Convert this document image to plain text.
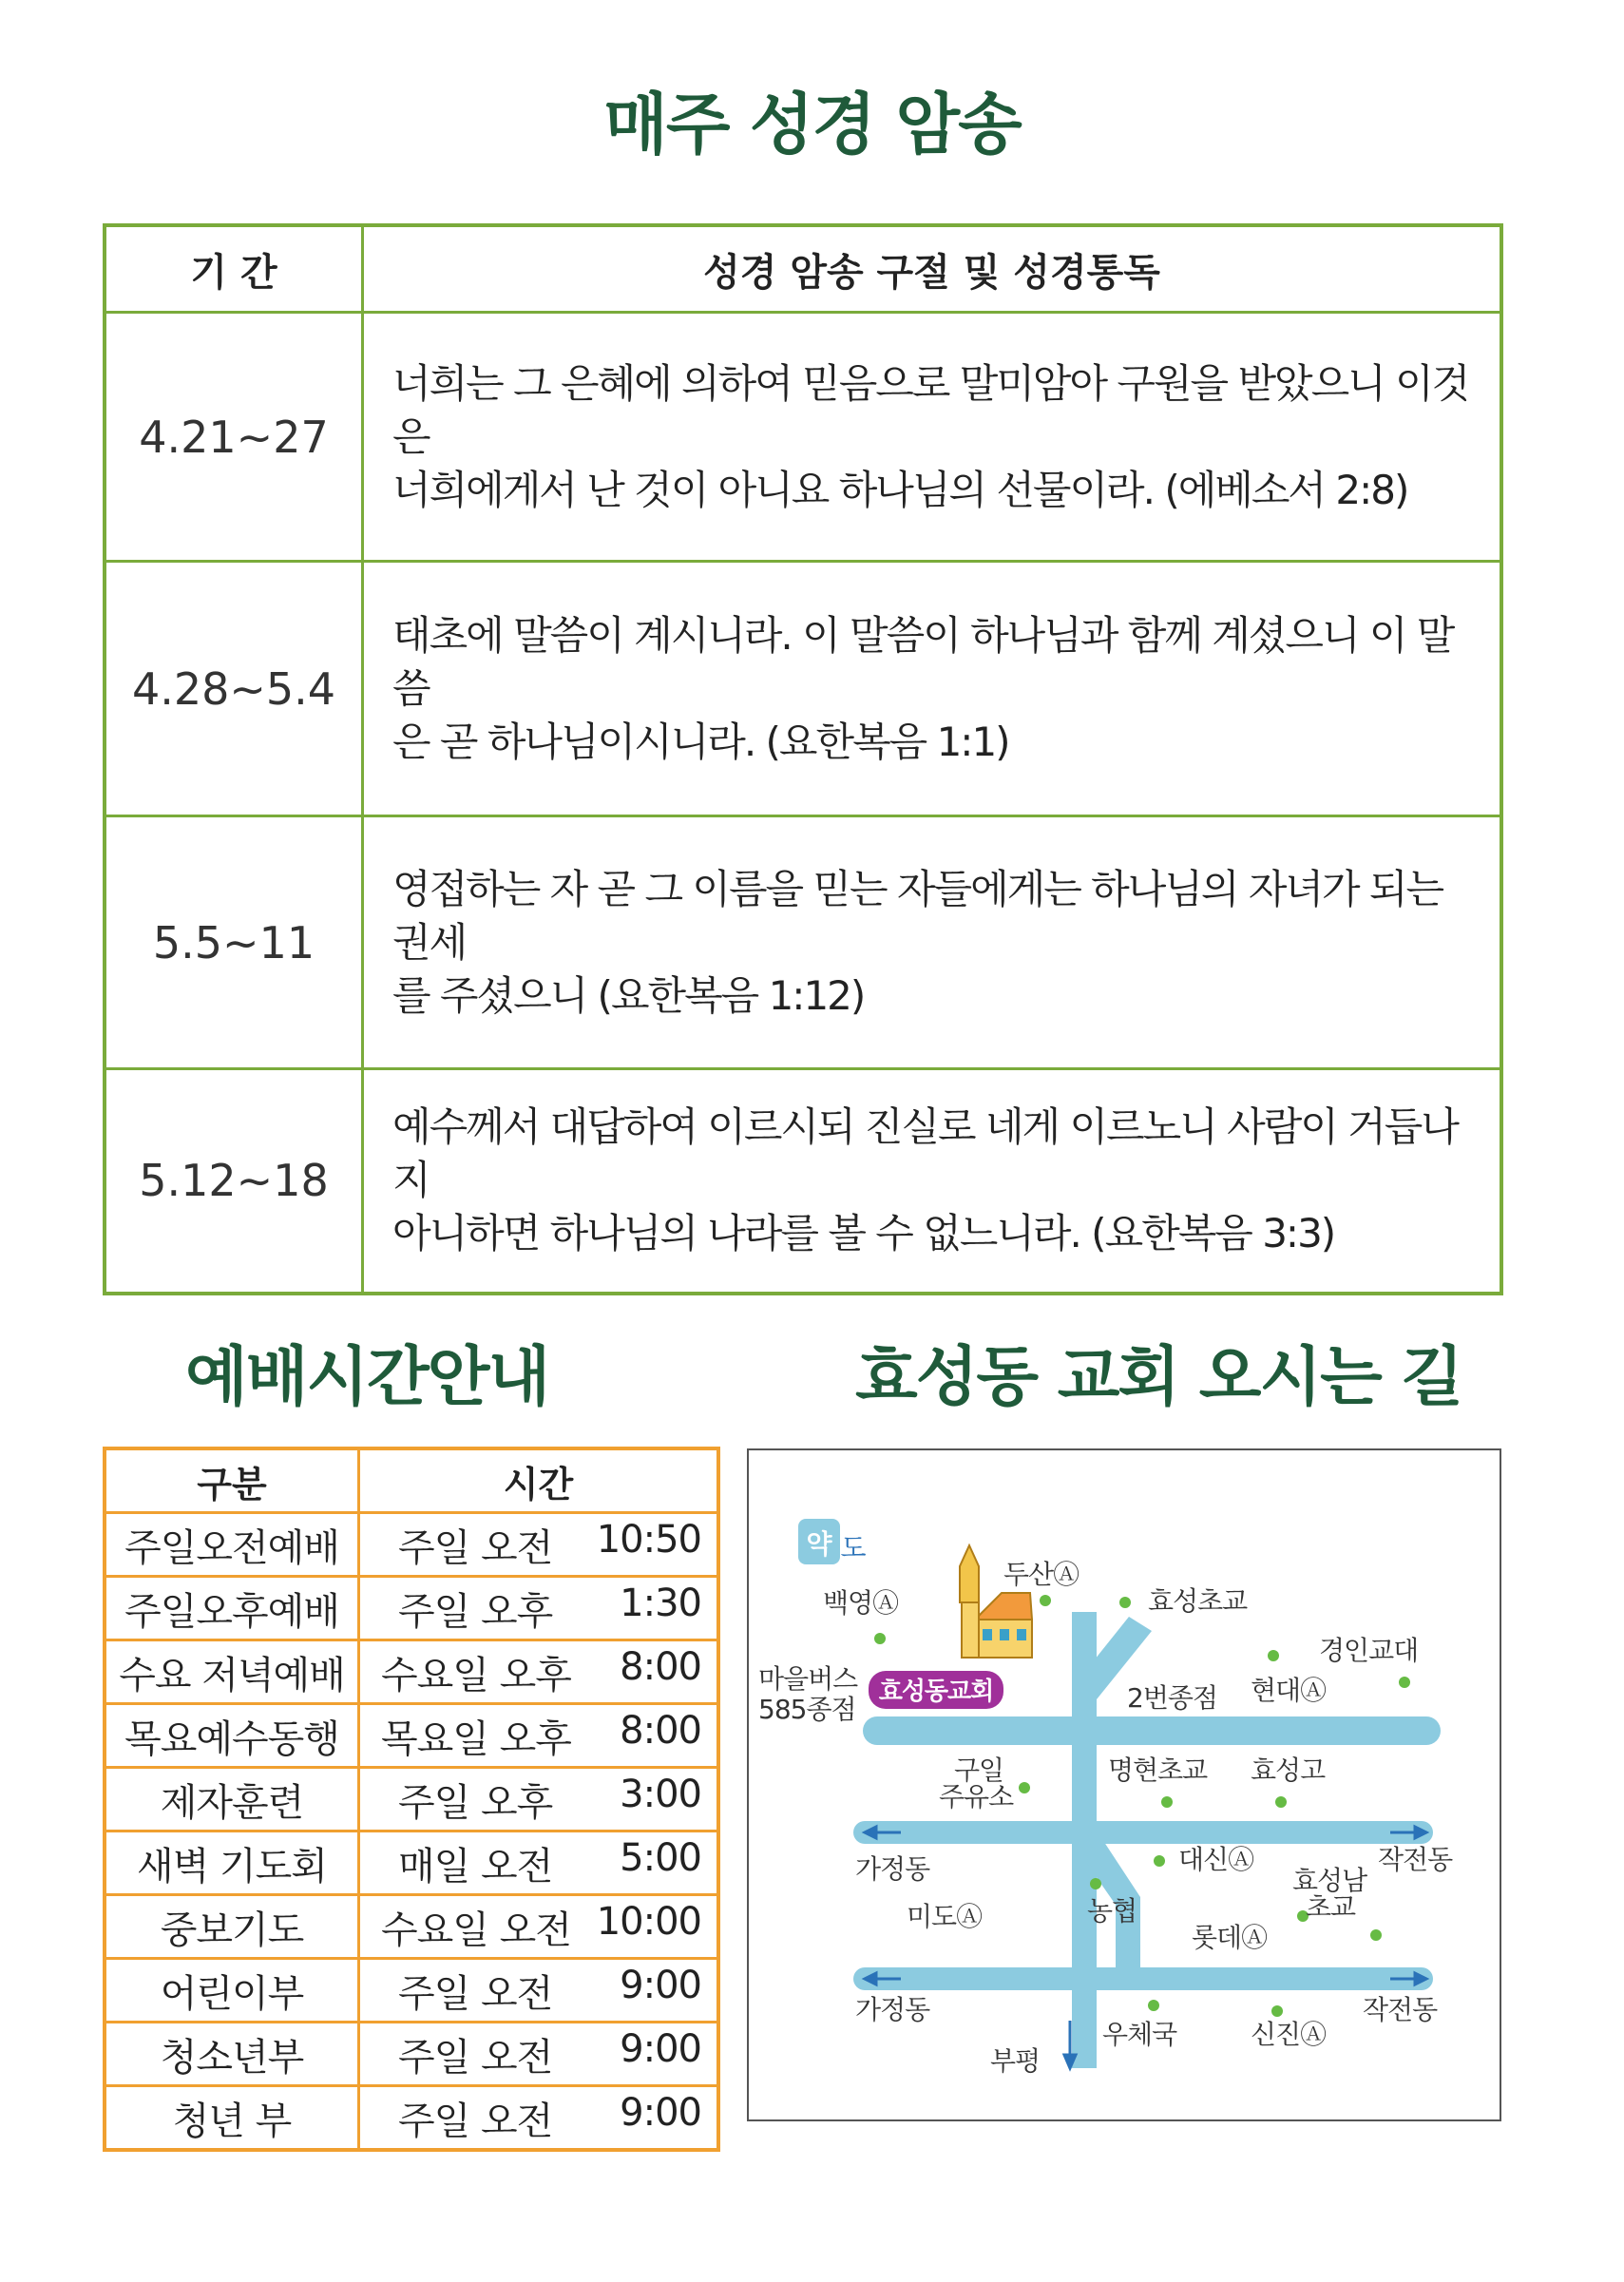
매주 성경 암송
기 간	성경 암송 구절 및 성경통독
4.21~27	너희는 그 은혜에 의하여 믿음으로 말미암아 구원을 받았으니 이것은
너희에게서 난 것이 아니요 하나님의 선물이라. (에베소서 2:8)

4.28~5.4	태초에 말씀이 계시니라. 이 말씀이 하나님과 함께 계셨으니 이 말씀
은 곧 하나님이시니라. (요한복음 1:1)

5.5~11	영접하는 자 곧 그 이름을 믿는 자들에게는 하나님의 자녀가 되는 권세
를 주셨으니 (요한복음 1:12)

5.12~18	예수께서 대답하여 이르시되 진실로 네게 이르노니 사람이 거듭나지
아니하면 하나님의 나라를 볼 수 없느니라. (요한복음 3:3)
예배시간안내	효성동 교회 오시는 길
구분	시간
주일오전예배	주일 오전 10:50

주일오후예배	주일 오후 1:30

수요 저녁예배	수요일 오후 8:00

목요예수동행	목요일 오후 8:00

제자훈련	주일 오후 3:00

새벽 기도회	매일 오전 5:00

중보기도	수요일 오전 10:00

어린이부	주일 오전 9:00

청소년부	주일 오전 9:00

청년 부	주일 오전 9:00
약 도
효성동교회
백영Ⓐ
두산Ⓐ
효성초교
경인교대
마을버스
585종점	2번종점 현대Ⓐ
구일
주유소
명현초교 효성고
가정동	대신Ⓐ	작전동
효성남
초교
미도Ⓐ	농협
롯데Ⓐ
가정동	작전동
우체국	신진Ⓐ
부평
